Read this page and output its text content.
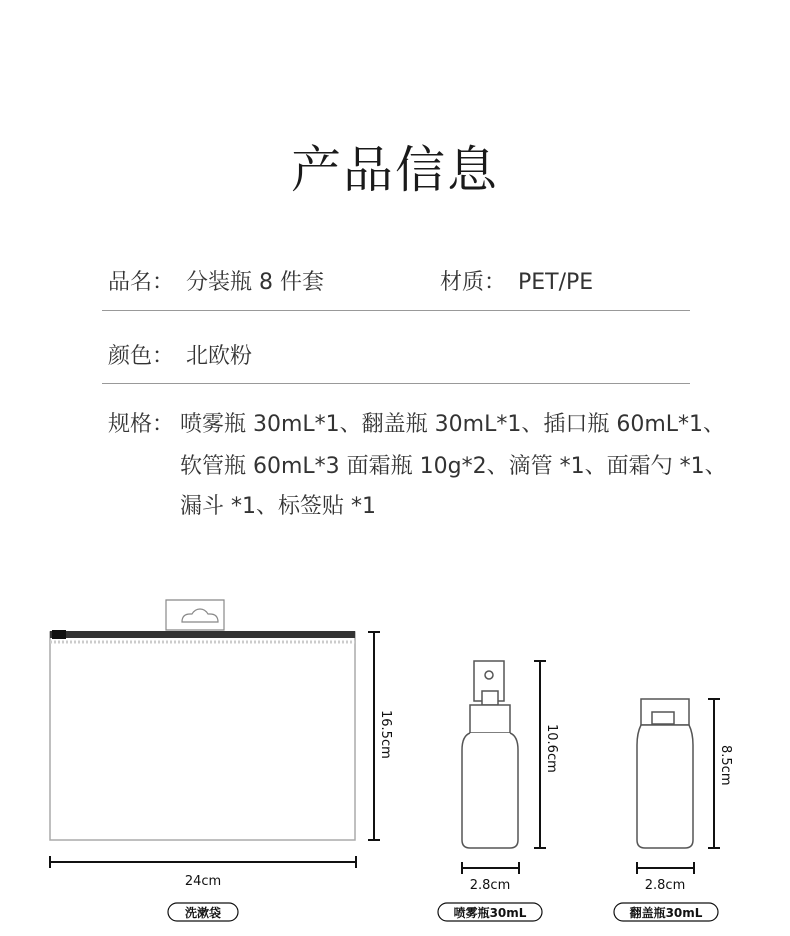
产品信息
品名： 分装瓶 8 件套	材质： PET/PE
颜色： 北欧粉
规格： 喷雾瓶 30mL*1、翻盖瓶 30mL*1、插口瓶 60mL*1、
软管瓶 60mL*3 面霜瓶 10g*2、滴管 *1、面霜勺 *1、
漏斗 *1、标签贴 *1
16.5cm
24cm
洗漱袋
10.6cm
2.8cm
喷雾瓶30mL
8.5cm
2.8cm
翻盖瓶30mL
